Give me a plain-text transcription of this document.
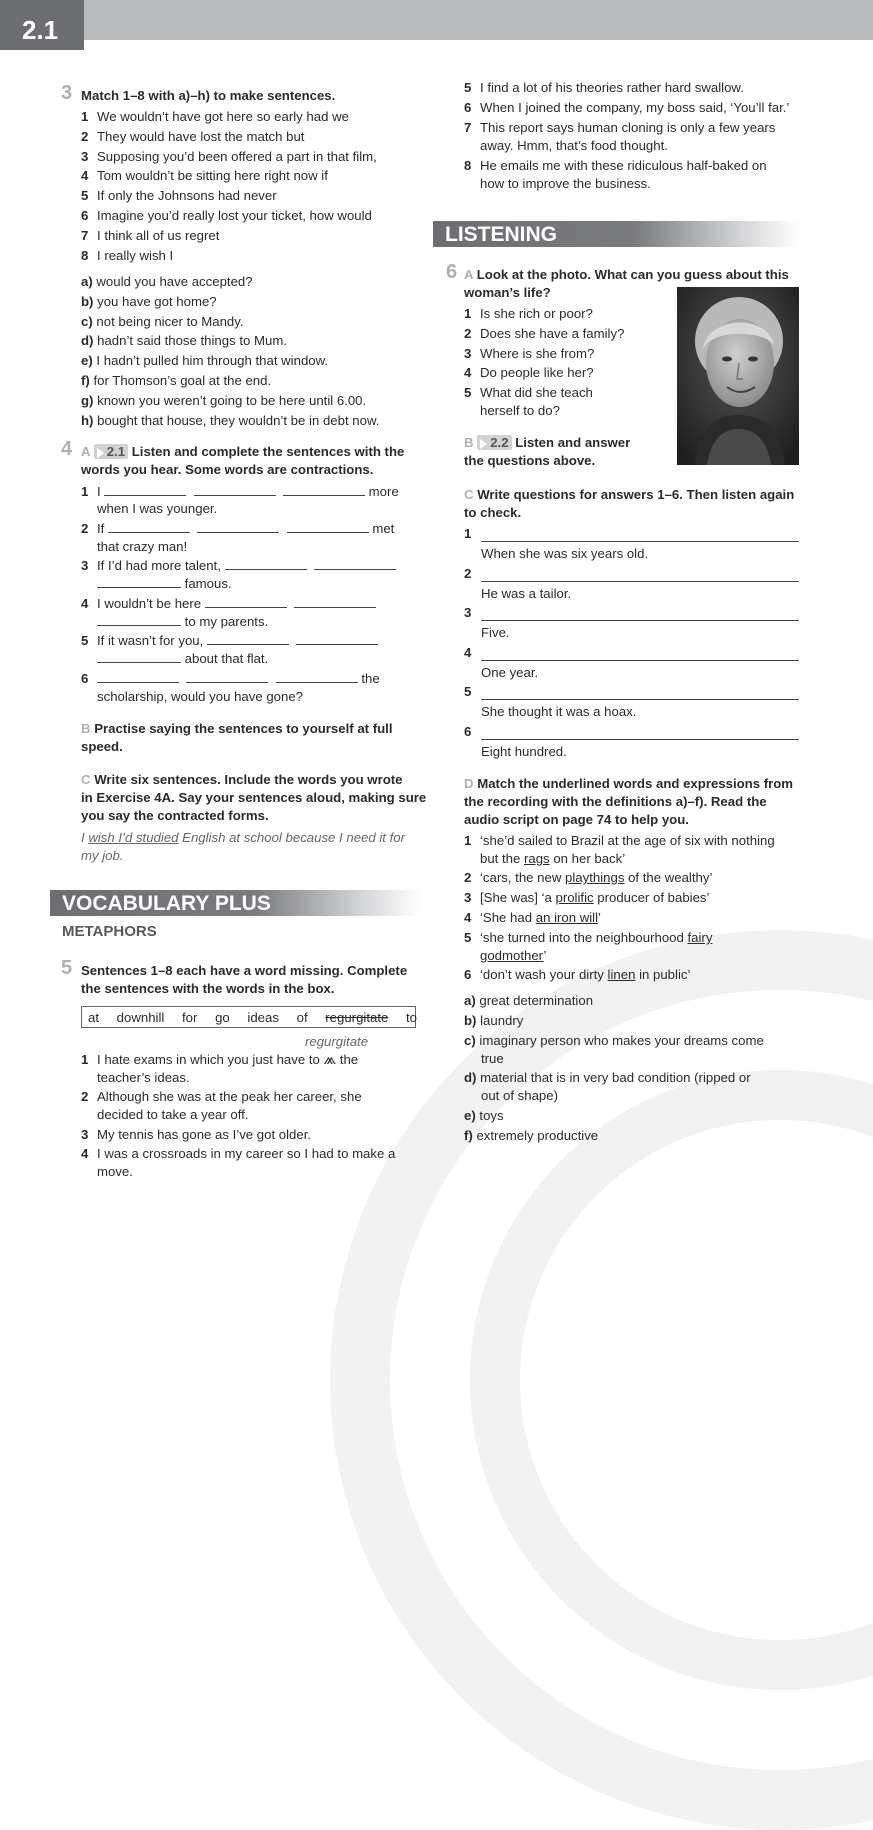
2.1
3 Match 1–8 with a)–h) to make sentences.
1 We wouldn’t have got here so early had we
2 They would have lost the match but
3 Supposing you’d been offered a part in that film,
4 Tom wouldn’t be sitting here right now if
5 If only the Johnsons had never
6 Imagine you’d really lost your ticket, how would
7 I think all of us regret
8 I really wish I
a) would you have accepted?
b) you have got home?
c) not being nicer to Mandy.
d) hadn’t said those things to Mum.
e) I hadn’t pulled him through that window.
f) for Thomson’s goal at the end.
g) known you weren’t going to be here until 6.00.
h) bought that house, they wouldn’t be in debt now.
4 A 2.1 Listen and complete the sentences with the
words you hear. Some words are contractions.
1 I	more
when I was younger.
2 If	met
that crazy man!
3 If I’d had more talent,
famous.
4 I wouldn’t be here
to my parents.
5 If it wasn’t for you,
about that flat.
6	the
scholarship, would you have gone?
B Practise saying the sentences to yourself at full
speed.
C Write six sentences. Include the words you wrote
in Exercise 4A. Say your sentences aloud, making sure
you say the contracted forms.
I wish I’d studied English at school because I need it for
my job.
VOCABULARY PLUS
METAPHORS
5 Sentences 1–8 each have a word missing. Complete
the sentences with the words in the box.
at downhill for go ideas of regurgitate to
regurgitate
1 I hate exams in which you just have to ⩕ the
teacher’s ideas.
2 Although she was at the peak her career, she
decided to take a year off.
3 My tennis has gone as I’ve got older.
4 I was a crossroads in my career so I had to make a
move.
5 I find a lot of his theories rather hard swallow.
6 When I joined the company, my boss said, ‘You’ll far.’
7 This report says human cloning is only a few years
away. Hmm, that’s food thought.
8 He emails me with these ridiculous half-baked on
how to improve the business.
LISTENING
6 A Look at the photo. What can you guess about this
woman’s life?
1 Is she rich or poor?
2 Does she have a family?
3 Where is she from?
4 Do people like her?
5 What did she teach
herself to do?
B 2.2 Listen and answer
the questions above.
C Write questions for answers 1–6. Then listen again
to check.
1
When she was six years old.
2
He was a tailor.
3
Five.
4
One year.
5
She thought it was a hoax.
6
Eight hundred.
D Match the underlined words and expressions from
the recording with the definitions a)–f). Read the
audio script on page 74 to help you.
1 ‘she’d sailed to Brazil at the age of six with nothing
but the rags on her back’
2 ‘cars, the new playthings of the wealthy’
3 [She was] ‘a prolific producer of babies’
4 ‘She had an iron will’
5 ‘she turned into the neighbourhood fairy
godmother’
6 ‘don’t wash your dirty linen in public’
a) great determination
b) laundry
c) imaginary person who makes your dreams come
true
d) material that is in very bad condition (ripped or
out of shape)
e) toys
f) extremely productive
